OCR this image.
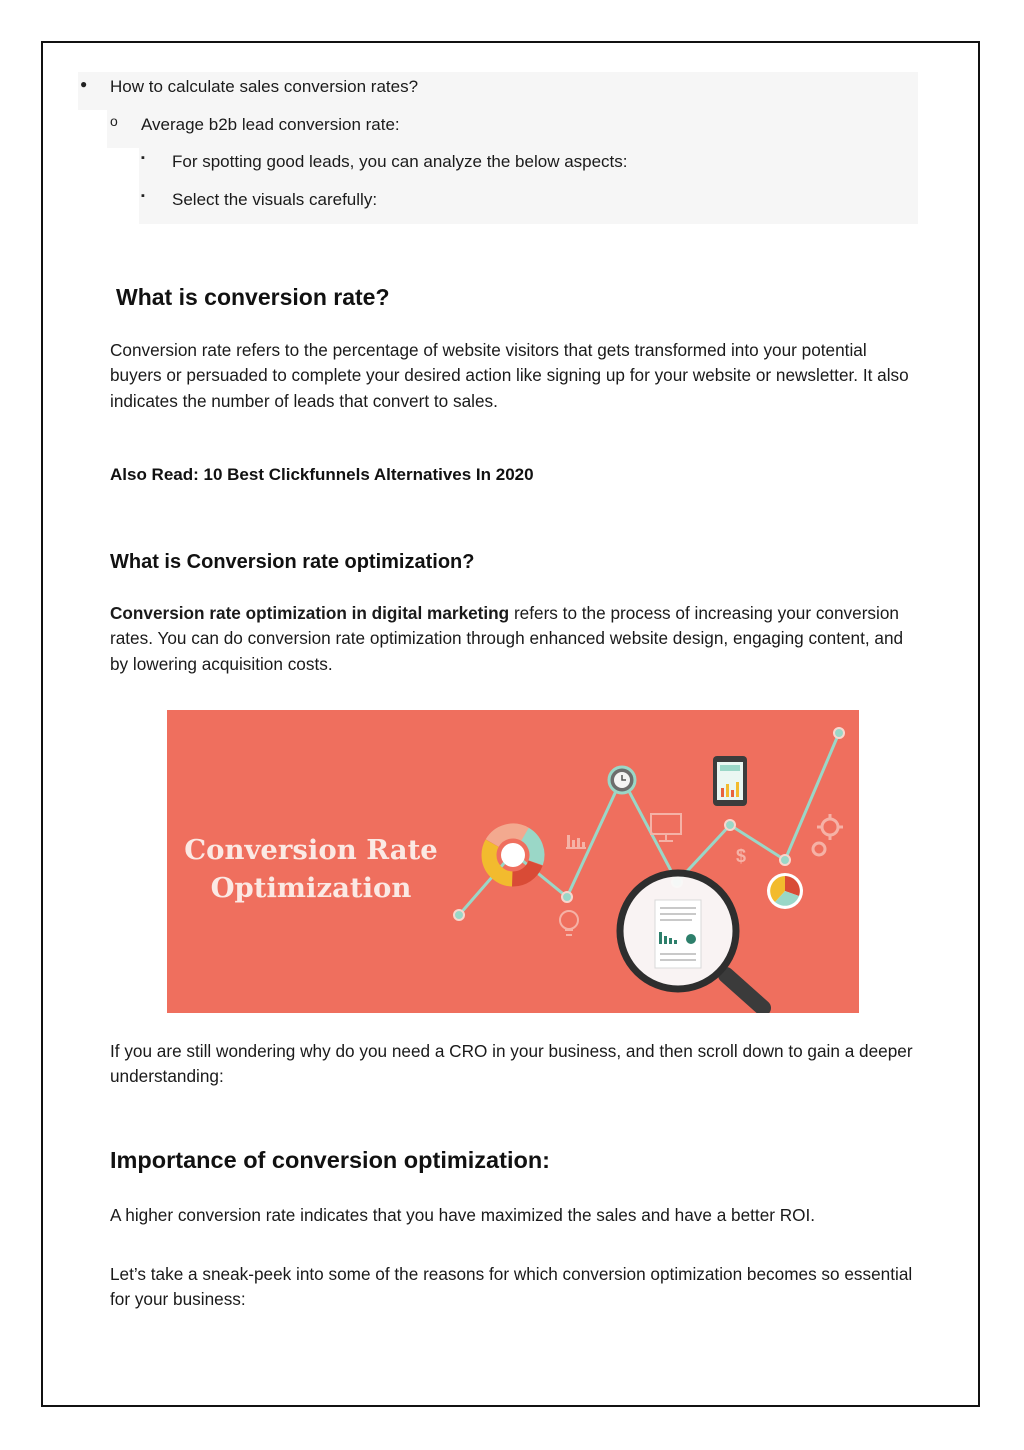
● How to calculate sales conversion rates?
o Average b2b lead conversion rate:
▪ For spotting good leads, you can analyze the below aspects:
▪ Select the visuals carefully:
What is conversion rate?

Conversion rate refers to the percentage of website visitors that gets transformed into your potential buyers or persuaded to complete your desired action like signing up for your website or newsletter. It also indicates the number of leads that convert to sales.

Also Read: 10 Best Clickfunnels Alternatives In 2020
What is Conversion rate optimization?

Conversion rate optimization in digital marketing refers to the process of increasing your conversion rates. You can do conversion rate optimization through enhanced website design, engaging content, and by lowering acquisition costs.

Conversion Rate
Optimization
$

If you are still wondering why do you need a CRO in your business, and then scroll down to gain a deeper understanding:

Importance of conversion optimization:

A higher conversion rate indicates that you have maximized the sales and have a better ROI.

Let’s take a sneak-peek into some of the reasons for which conversion optimization becomes so essential for your business:
